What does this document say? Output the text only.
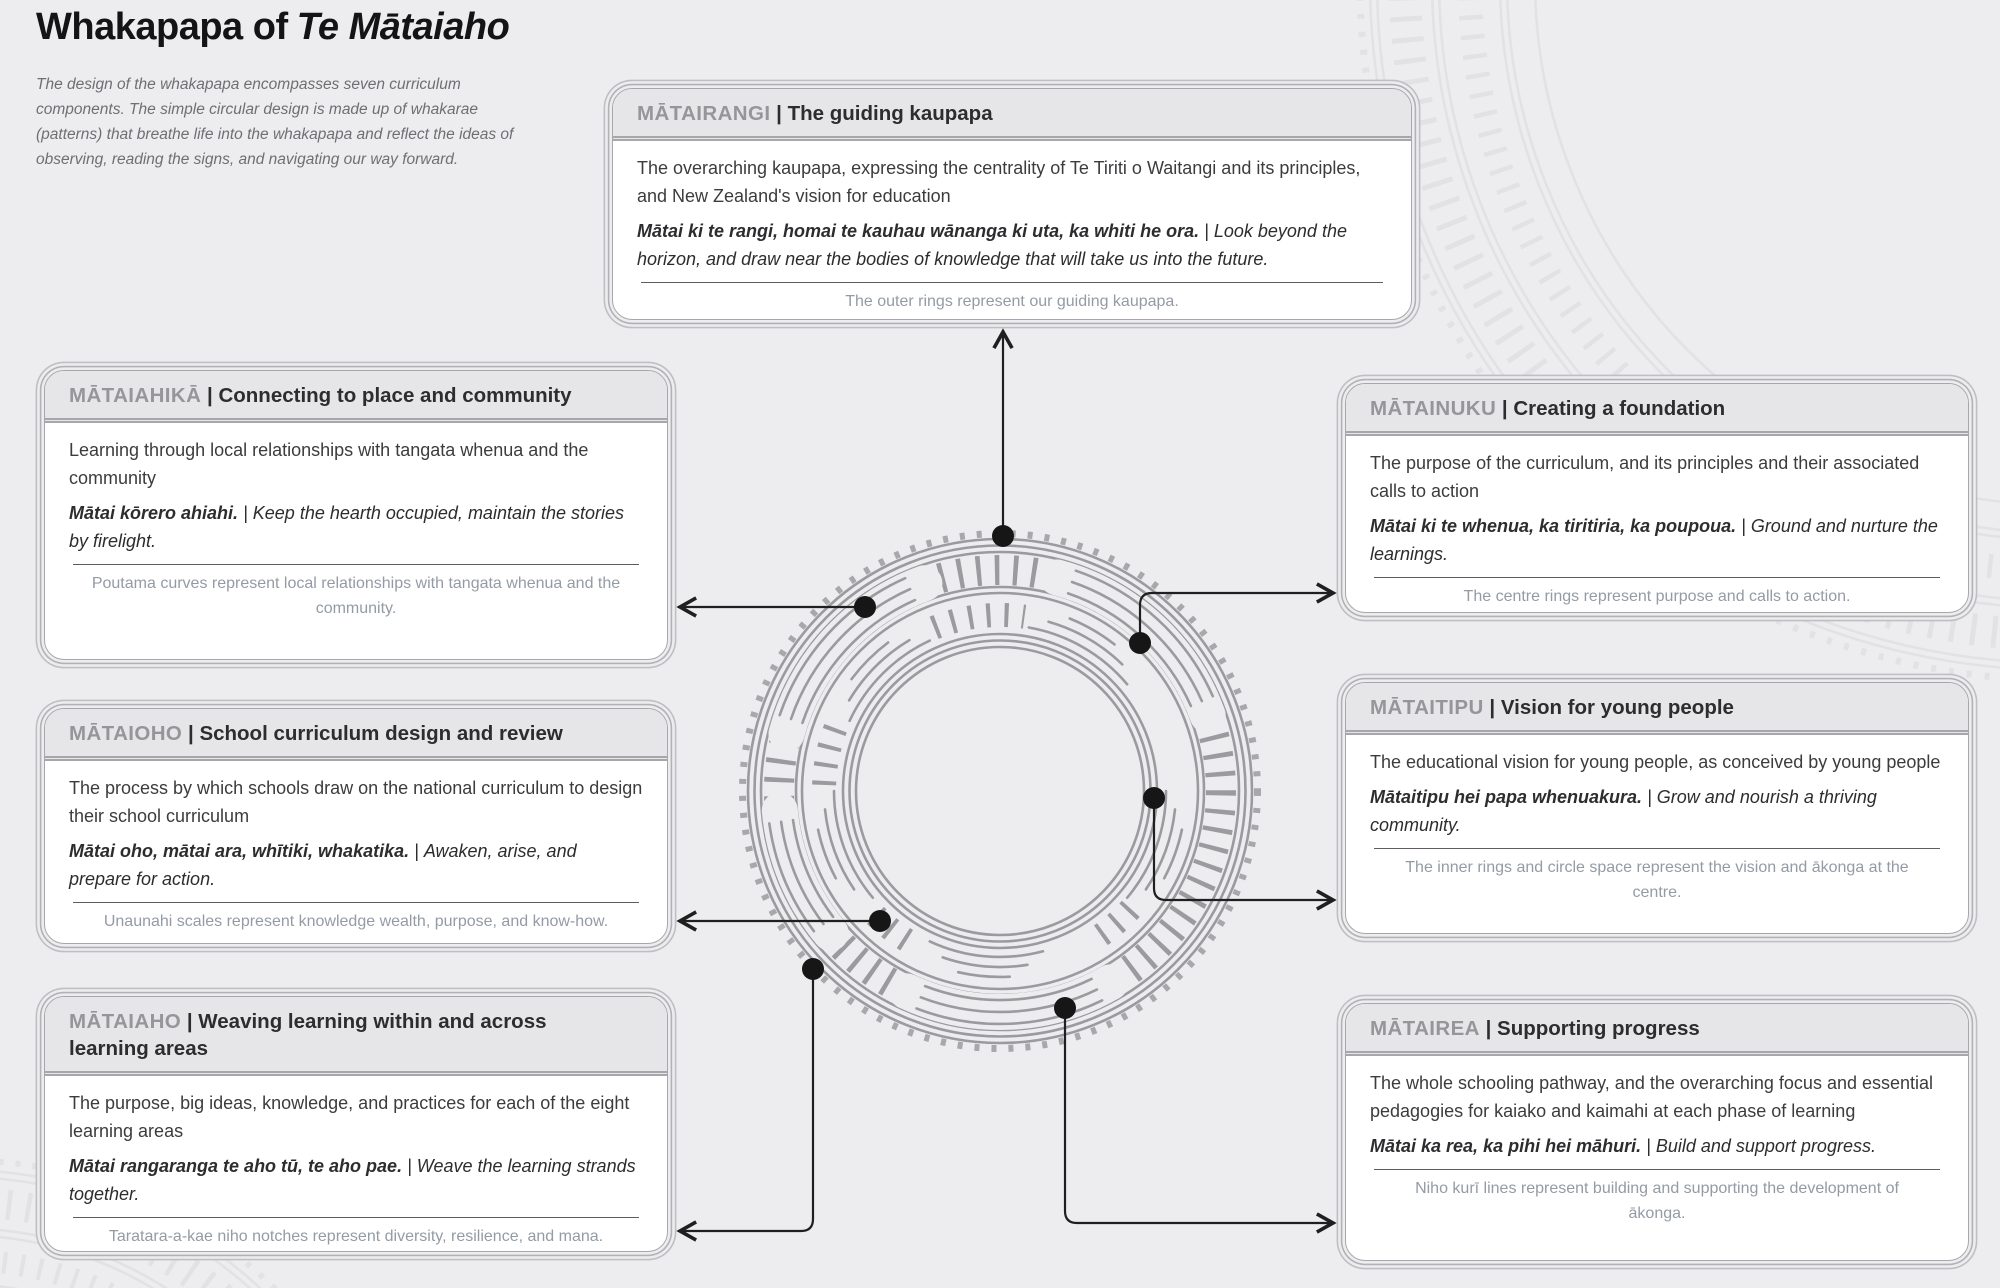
Whakapapa of Te Mātaiaho

The design of the whakapapa encompasses seven curriculum components. The simple circular design is made up of whakarae (patterns) that breathe life into the whakapapa and reflect the ideas of observing, reading the signs, and navigating our way forward.

MĀTAIRANGI | The guiding kaupapa

The overarching kaupapa, expressing the centrality of Te Tiriti o Waitangi and its principles, and New Zealand's vision for education

Mātai ki te rangi, homai te kauhau wānanga ki uta, ka whiti he ora. | Look beyond the horizon, and draw near the bodies of knowledge that will take us into the future.

The outer rings represent our guiding kaupapa.

MĀTAIAHIKĀ | Connecting to place and community

Learning through local relationships with tangata whenua and the community

Mātai kōrero ahiahi. | Keep the hearth occupied, maintain the stories by firelight.

Poutama curves represent local relationships with tangata whenua and the community.

MĀTAIOHO | School curriculum design and review

The process by which schools draw on the national curriculum to design their school curriculum

Mātai oho, mātai ara, whītiki, whakatika. | Awaken, arise, and prepare for action.

Unaunahi scales represent knowledge wealth, purpose, and know-how.

MĀTAIAHO | Weaving learning within and across learning areas

The purpose, big ideas, knowledge, and practices for each of the eight learning areas

Mātai rangaranga te aho tū, te aho pae. | Weave the learning strands together.

Taratara-a-kae niho notches represent diversity, resilience, and mana.

MĀTAINUKU | Creating a foundation

The purpose of the curriculum, and its principles and their associated calls to action

Mātai ki te whenua, ka tiritiria, ka poupoua. | Ground and nurture the learnings.

The centre rings represent purpose and calls to action.

MĀTAITIPU | Vision for young people

The educational vision for young people, as conceived by young people

Mātaitipu hei papa whenuakura. | Grow and nourish a thriving community.

The inner rings and circle space represent the vision and ākonga at the centre.

MĀTAIREA | Supporting progress

The whole schooling pathway, and the overarching focus and essential pedagogies for kaiako and kaimahi at each phase of learning

Mātai ka rea, ka pihi hei māhuri. | Build and support progress.

Niho kurī lines represent building and supporting the development of ākonga.
